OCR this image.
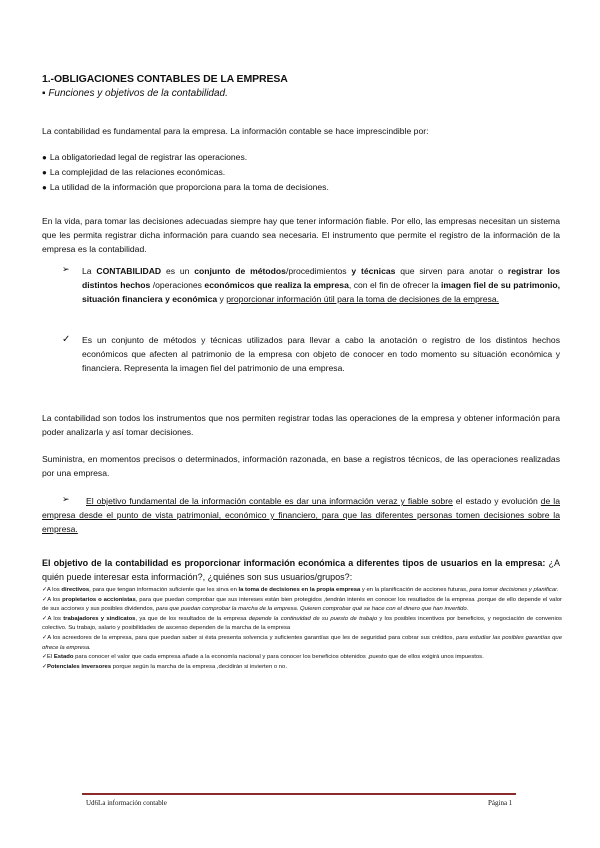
1.-OBLIGACIONES CONTABLES DE LA EMPRESA
▪ Funciones y objetivos de la contabilidad.
La contabilidad es fundamental para la empresa. La información contable se hace imprescindible por:
● La obligatoriedad legal de registrar las operaciones.
● La complejidad de las relaciones económicas.
● La utilidad de la información que proporciona para la toma de decisiones.
En la vida, para tomar las decisiones adecuadas siempre hay que tener información fiable. Por ello, las empresas necesitan un sistema que les permita registrar dicha información para cuando sea necesaria. El instrumento que permite el registro de la información de la empresa es la contabilidad.
➢ La CONTABILIDAD es un conjunto de métodos/procedimientos y técnicas que sirven para anotar o registrar los distintos hechos /operaciones económicos que realiza la empresa, con el fin de ofrecer la imagen fiel de su patrimonio, situación financiera y económica y proporcionar información útil para la toma de decisiones de la empresa.
✓ Es un conjunto de métodos y técnicas utilizados para llevar a cabo la anotación o registro de los distintos hechos económicos que afecten al patrimonio de la empresa con objeto de conocer en todo momento su situación económica y financiera. Representa la imagen fiel del patrimonio de una empresa.
La contabilidad son todos los instrumentos que nos permiten registrar todas las operaciones de la empresa y obtener información para poder analizarla y así tomar decisiones.
Suministra, en momentos precisos o determinados, información razonada, en base a registros técnicos, de las operaciones realizadas por una empresa.
➢	El objetivo fundamental de la información contable es dar una información veraz y fiable sobre el estado y evolución de la empresa desde el punto de vista patrimonial, económico y financiero, para que las diferentes personas tomen decisiones sobre la empresa.
El objetivo de la contabilidad es proporcionar información económica a diferentes tipos de usuarios en la empresa: ¿A quién puede interesar esta información?, ¿quiénes son sus usuarios/grupos?:

✓A los directivos, para que tengan información suficiente que les sirva en la toma de decisiones en la propia empresa y en la planificación de acciones futuras, para tomar decisiones y planificar.

✓A los propietarios o accionistas, para que puedan comprobar que sus intereses están bien protegidos ,tendrán interés en conocer los resultados de la empresa ,porque de ello depende el valor de sus acciones y sus posibles dividendos, para que puedan comprobar la marcha de la empresa. Quieren comprobar qué se hace con el dinero que han invertido.

✓A los trabajadores y sindicatos, ya que de los resultados de la empresa depende la continuidad de su puesto de trabajo y los posibles incentivos por beneficios, y negociación de convenios colectivo. Su trabajo, salario y posibilidades de ascenso dependen de la marcha de la empresa

✓A los acreedores de la empresa, para que puedan saber si ésta presenta solvencia y suficientes garantías que les de seguridad para cobrar sus créditos, para estudiar las posibles garantías que ofrece la empresa.

✓El Estado para conocer el valor que cada empresa añade a la economía nacional y para conocer los beneficios obtenidos ,puesto que de ellos exigirá unos impuestos.

✓Potenciales inversores porque según la marcha de la empresa ,decidirán si invierten o no.

Ud6La información contable	Página 1
